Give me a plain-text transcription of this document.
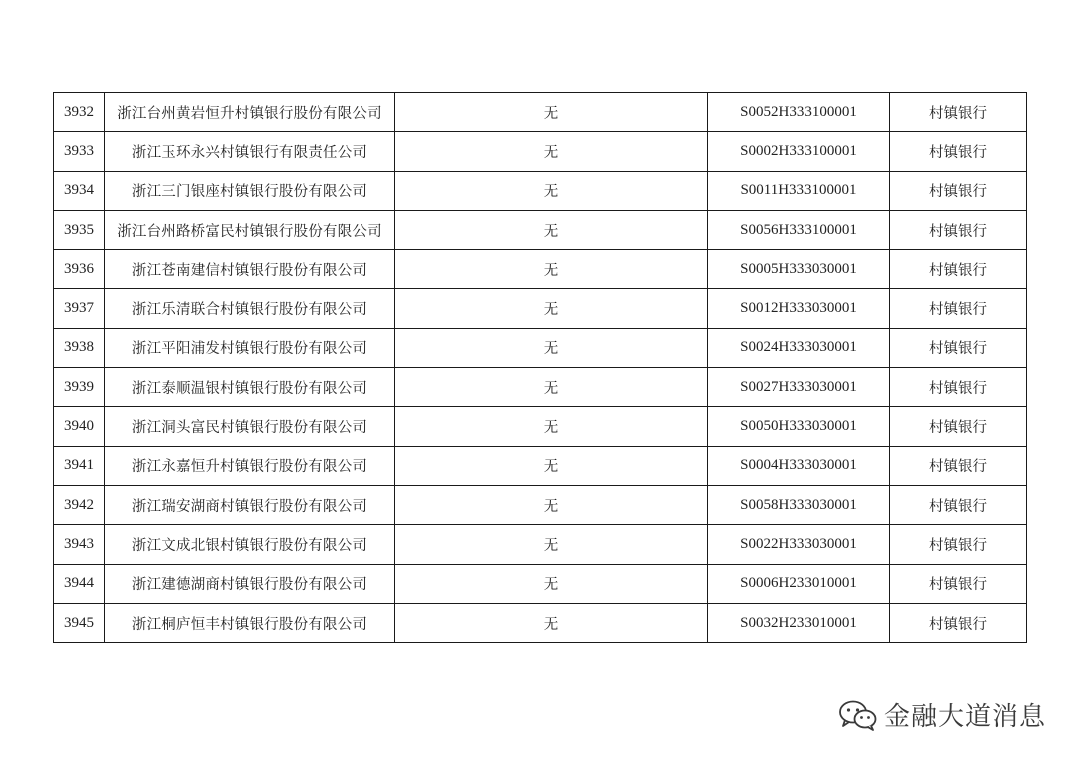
3932	浙江台州黄岩恒升村镇银行股份有限公司	无	S0052H333100001	村镇银行
3933	浙江玉环永兴村镇银行有限责任公司	无	S0002H333100001	村镇银行
3934	浙江三门银座村镇银行股份有限公司	无	S0011H333100001	村镇银行
3935	浙江台州路桥富民村镇银行股份有限公司	无	S0056H333100001	村镇银行
3936	浙江苍南建信村镇银行股份有限公司	无	S0005H333030001	村镇银行
3937	浙江乐清联合村镇银行股份有限公司	无	S0012H333030001	村镇银行
3938	浙江平阳浦发村镇银行股份有限公司	无	S0024H333030001	村镇银行
3939	浙江泰顺温银村镇银行股份有限公司	无	S0027H333030001	村镇银行
3940	浙江洞头富民村镇银行股份有限公司	无	S0050H333030001	村镇银行
3941	浙江永嘉恒升村镇银行股份有限公司	无	S0004H333030001	村镇银行
3942	浙江瑞安湖商村镇银行股份有限公司	无	S0058H333030001	村镇银行
3943	浙江文成北银村镇银行股份有限公司	无	S0022H333030001	村镇银行
3944	浙江建德湖商村镇银行股份有限公司	无	S0006H233010001	村镇银行
3945	浙江桐庐恒丰村镇银行股份有限公司	无	S0032H233010001	村镇银行
金融大道消息
